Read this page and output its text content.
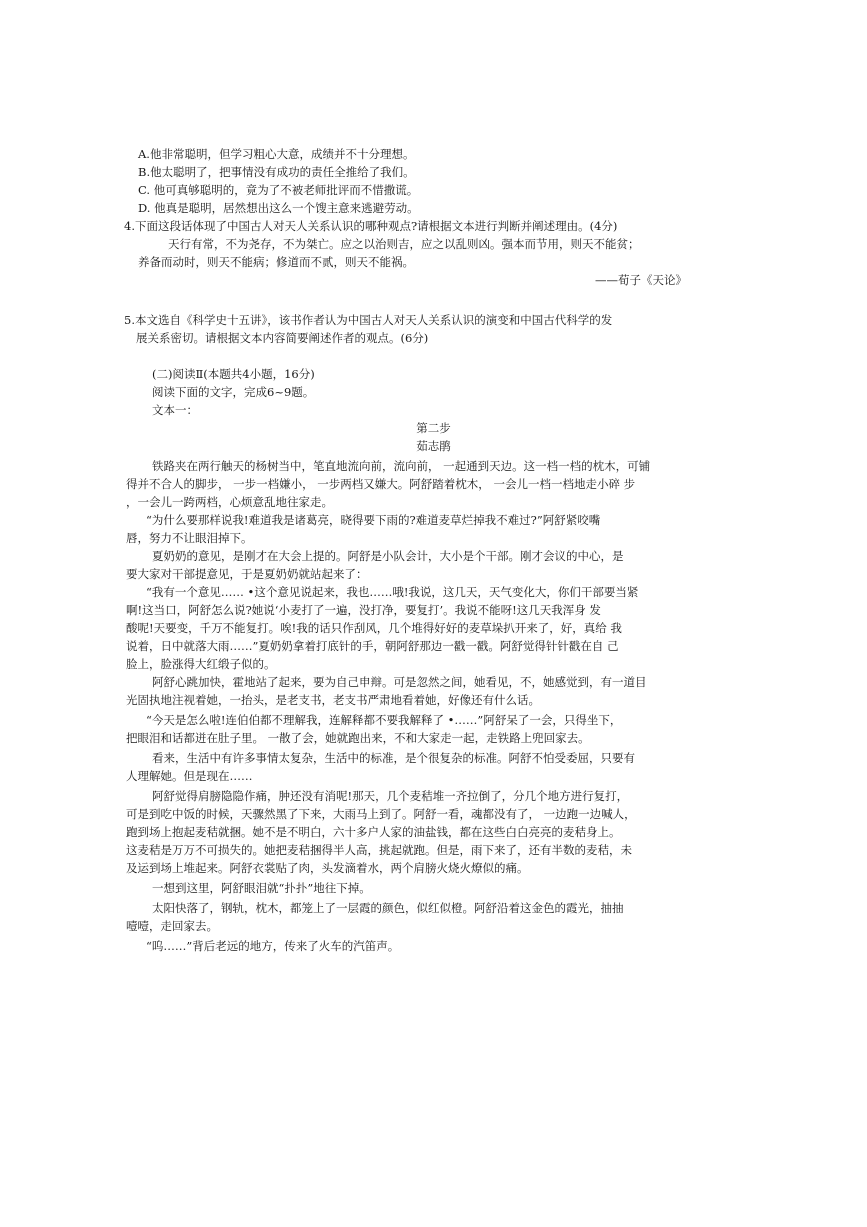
A.他非常聪明，但学习粗心大意，成绩并不十分理想。
B.他太聪明了，把事情没有成功的责任全推给了我们。
C. 他可真够聪明的，竟为了不被老师批评而不惜撒谎。
D. 他真是聪明，居然想出这么一个馊主意来逃避劳动。
4.下面这段话体现了中国古人对天人关系认识的哪种观点?请根据文本进行判断并阐述理由。(4分)
天行有常，不为尧存，不为桀亡。应之以治则吉，应之以乱则凶。强本而节用，则天不能贫；
养备而动时，则天不能病；修道而不贰，则天不能祸。
——荀子《天论》
5.本文选自《科学史十五讲》，该书作者认为中国古人对天人关系认识的演变和中国古代科学的发
展关系密切。请根据文本内容简要阐述作者的观点。(6分)
(二)阅读Ⅱ(本题共4小题，16分)
阅读下面的文字，完成6~9题。
文本一：
第二步
茹志鹃
铁路夹在两行触天的杨树当中，笔直地流向前，流向前， 一起通到天边。这一档一档的枕木，可铺
得并不合人的脚步， 一步一档嫌小， 一步两档又嫌大。阿舒踏着枕木， 一会儿一档一档地走小碎 步
，一会儿一跨两档，心烦意乱地往家走。
“为什么要那样说我!难道我是诸葛亮，晓得要下雨的?难道麦草烂掉我不难过?”阿舒紧咬嘴
唇，努力不让眼泪掉下。
夏奶奶的意见，是刚才在大会上提的。阿舒是小队会计，大小是个干部。刚才会议的中心，是
要大家对干部提意见，于是夏奶奶就站起来了：
“我有一个意见…… •这个意见说起来，我也……哦!我说，这几天，天气变化大，你们干部要当紧
啊!这当口，阿舒怎么说?她说‘小麦打了一遍，没打净，要复打’。我说不能呀!这几天我浑身 发
酸呢!天要变，千万不能复打。唉!我的话只作刮风，几个堆得好好的麦草垛扒开来了，好，真给 我
说着，日中就落大雨……”夏奶奶拿着打底针的手，朝阿舒那边一戳一戳。阿舒觉得针针戳在自 己
脸上，脸涨得大红缎子似的。
阿舒心跳加快，霍地站了起来，要为自己申辩。可是忽然之间，她看见，不，她感觉到，有一道目
光固执地注视着她，一抬头，是老支书，老支书严肃地看着她，好像还有什么话。
“今天是怎么啦!连伯伯都不理解我，连解释都不要我解释了 •……”阿舒呆了一会，只得坐下，
把眼泪和话都迸在肚子里。 一散了会，她就跑出来，不和大家走一起，走铁路上兜回家去。
看来，生活中有许多事情太复杂，生活中的标准，是个很复杂的标准。阿舒不怕受委屈，只要有
人理解她。但是现在……
阿舒觉得肩膀隐隐作痛，肿还没有消呢!那天，几个麦秸堆一齐拉倒了，分几个地方进行复打，
可是到吃中饭的时候，天骤然黑了下来，大雨马上到了。阿舒一看，魂都没有了， 一边跑一边喊人，
跑到场上抱起麦秸就捆。她不是不明白，六十多户人家的油盐钱，都在这些白白亮亮的麦秸身上。
这麦秸是万万不可损失的。她把麦秸捆得半人高，挑起就跑。但是，雨下来了，还有半数的麦秸，未
及运到场上堆起来。阿舒衣裳贴了肉，头发滴着水，两个肩膀火烧火燎似的痛。
一想到这里，阿舒眼泪就“扑扑”地往下掉。
太阳快落了，钢轨，枕木，都笼上了一层霞的颜色，似红似橙。阿舒沿着这金色的霞光，抽抽
噎噎，走回家去。
“呜……”背后老远的地方，传来了火车的汽笛声。
